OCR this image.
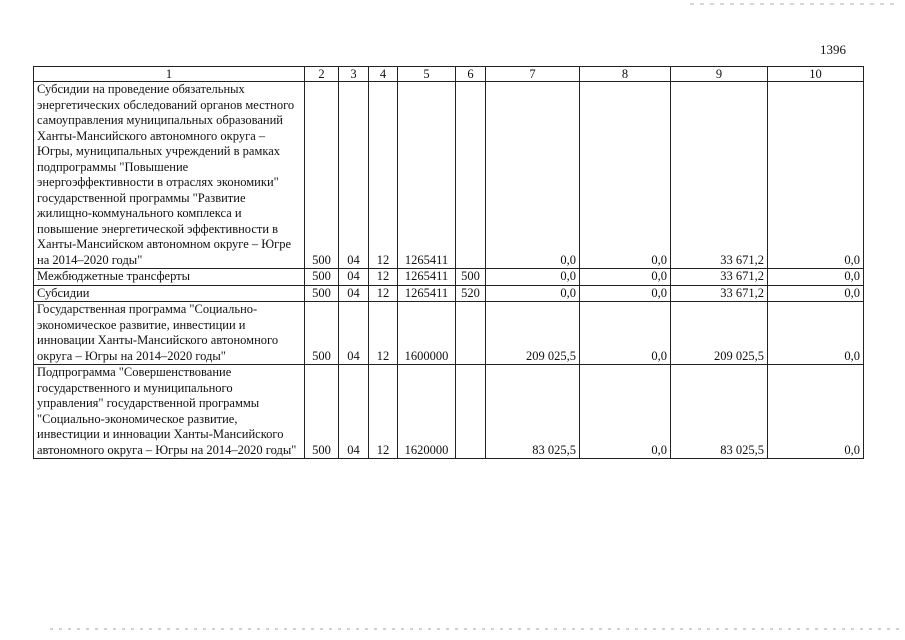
1396
1	2	3	4	5	6	7	8	9	10
Субсидии на проведение обязательных энергетических обследований органов местного самоуправления муниципальных образований Ханты-Мансийского автономного округа – Югры, муниципальных учреждений в рамках подпрограммы "Повышение энергоэффективности в отраслях экономики" государственной программы "Развитие жилищно-коммунального комплекса и повышение энергетической эффективности в Ханты-Мансийском автономном округе – Югре на 2014–2020 годы"	500	04	12	1265411		0,0	0,0	33 671,2	0,0
Межбюджетные трансферты	500	04	12	1265411	500	0,0	0,0	33 671,2	0,0
Субсидии	500	04	12	1265411	520	0,0	0,0	33 671,2	0,0
Государственная программа "Социально-экономическое развитие, инвестиции и инновации Ханты-Мансийского автономного округа – Югры на 2014–2020 годы"	500	04	12	1600000		209 025,5	0,0	209 025,5	0,0
Подпрограмма "Совершенствование государственного и муниципального управления" государственной программы "Социально-экономическое развитие, инвестиции и инновации Ханты-Мансийского автономного округа – Югры на 2014–2020 годы"	500	04	12	1620000		83 025,5	0,0	83 025,5	0,0
